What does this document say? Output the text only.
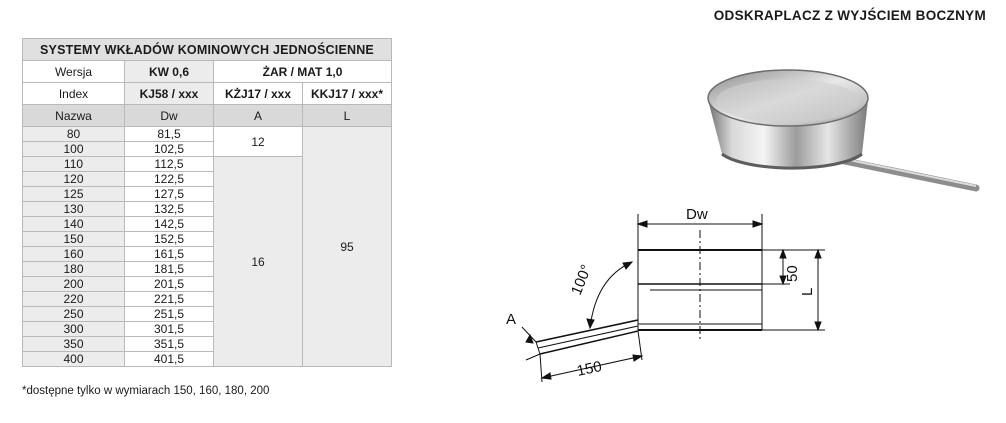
ODSKRAPLACZ Z WYJŚCIEM BOCZNYM
SYSTEMY WKŁADÓW KOMINOWYCH JEDNOŚCIENNE			
Wersja	KW 0,6	ŻAR / MAT 1,0	
Index	KJ58 / xxx	KŻJ17 / xxx	KKJ17 / xxx*
Nazwa	Dw	A	L
80	81,5	12	95
100	102,5		
110	112,5	16	
120	122,5		
125	127,5		
130	132,5		
140	142,5		
150	152,5		
160	161,5		
180	181,5		
200	201,5		
220	221,5		
250	251,5		
300	301,5		
350	351,5		
400	401,5		
*dostępne tylko w wymiarach 150, 160, 180, 200
Dw
100°
A
150
50
L
